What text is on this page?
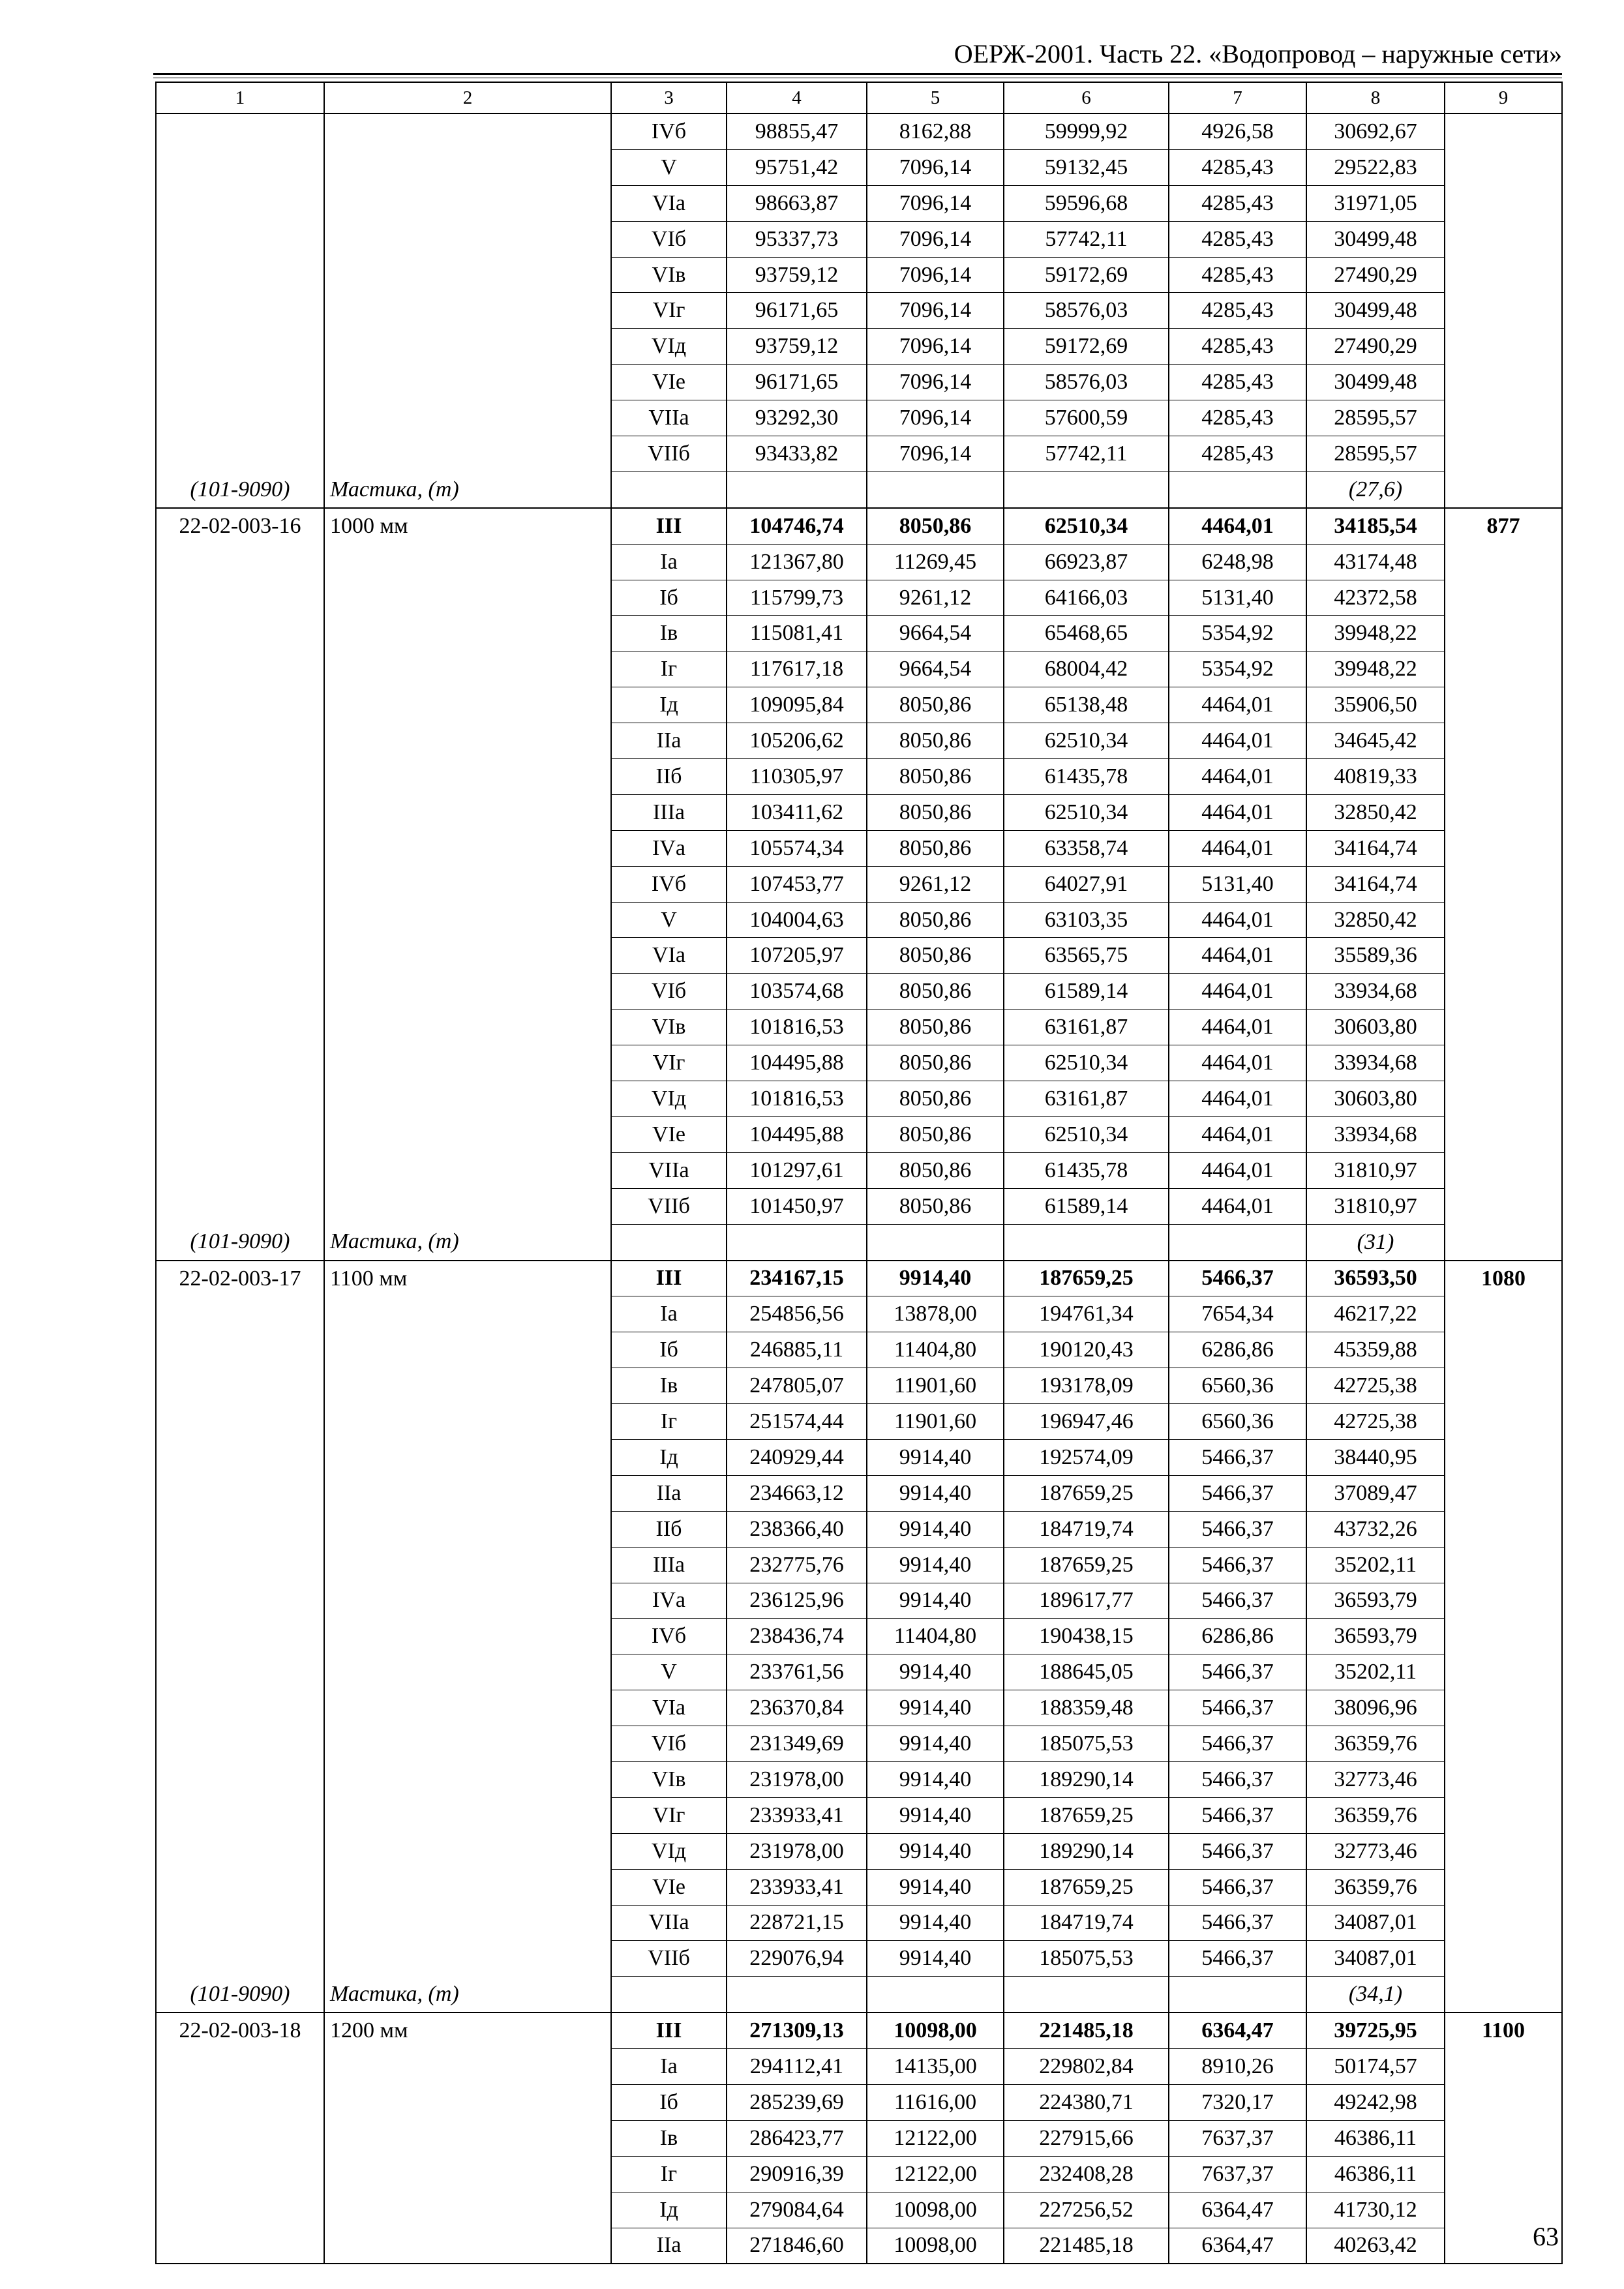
ОЕРЖ-2001. Часть 22. «Водопровод – наружные сети»
1	2	3	4	5	6	7	8	9
		IVб	98855,47	8162,88	59999,92	4926,58	30692,67	
		V	95751,42	7096,14	59132,45	4285,43	29522,83	
		VIа	98663,87	7096,14	59596,68	4285,43	31971,05	
		VIб	95337,73	7096,14	57742,11	4285,43	30499,48	
		VIв	93759,12	7096,14	59172,69	4285,43	27490,29	
		VIг	96171,65	7096,14	58576,03	4285,43	30499,48	
		VIд	93759,12	7096,14	59172,69	4285,43	27490,29	
		VIе	96171,65	7096,14	58576,03	4285,43	30499,48	
		VIIа	93292,30	7096,14	57600,59	4285,43	28595,57	
		VIIб	93433,82	7096,14	57742,11	4285,43	28595,57	
(101-9090)	Мастика, (т)						(27,6)	
22-02-003-16	1000 мм	III	104746,74	8050,86	62510,34	4464,01	34185,54	877
		Iа	121367,80	11269,45	66923,87	6248,98	43174,48	
		Iб	115799,73	9261,12	64166,03	5131,40	42372,58	
		Iв	115081,41	9664,54	65468,65	5354,92	39948,22	
		Iг	117617,18	9664,54	68004,42	5354,92	39948,22	
		Iд	109095,84	8050,86	65138,48	4464,01	35906,50	
		IIа	105206,62	8050,86	62510,34	4464,01	34645,42	
		IIб	110305,97	8050,86	61435,78	4464,01	40819,33	
		IIIа	103411,62	8050,86	62510,34	4464,01	32850,42	
		IVа	105574,34	8050,86	63358,74	4464,01	34164,74	
		IVб	107453,77	9261,12	64027,91	5131,40	34164,74	
		V	104004,63	8050,86	63103,35	4464,01	32850,42	
		VIа	107205,97	8050,86	63565,75	4464,01	35589,36	
		VIб	103574,68	8050,86	61589,14	4464,01	33934,68	
		VIв	101816,53	8050,86	63161,87	4464,01	30603,80	
		VIг	104495,88	8050,86	62510,34	4464,01	33934,68	
		VIд	101816,53	8050,86	63161,87	4464,01	30603,80	
		VIе	104495,88	8050,86	62510,34	4464,01	33934,68	
		VIIа	101297,61	8050,86	61435,78	4464,01	31810,97	
		VIIб	101450,97	8050,86	61589,14	4464,01	31810,97	
(101-9090)	Мастика, (т)						(31)	
22-02-003-17	1100 мм	III	234167,15	9914,40	187659,25	5466,37	36593,50	1080
		Iа	254856,56	13878,00	194761,34	7654,34	46217,22	
		Iб	246885,11	11404,80	190120,43	6286,86	45359,88	
		Iв	247805,07	11901,60	193178,09	6560,36	42725,38	
		Iг	251574,44	11901,60	196947,46	6560,36	42725,38	
		Iд	240929,44	9914,40	192574,09	5466,37	38440,95	
		IIа	234663,12	9914,40	187659,25	5466,37	37089,47	
		IIб	238366,40	9914,40	184719,74	5466,37	43732,26	
		IIIа	232775,76	9914,40	187659,25	5466,37	35202,11	
		IVа	236125,96	9914,40	189617,77	5466,37	36593,79	
		IVб	238436,74	11404,80	190438,15	6286,86	36593,79	
		V	233761,56	9914,40	188645,05	5466,37	35202,11	
		VIа	236370,84	9914,40	188359,48	5466,37	38096,96	
		VIб	231349,69	9914,40	185075,53	5466,37	36359,76	
		VIв	231978,00	9914,40	189290,14	5466,37	32773,46	
		VIг	233933,41	9914,40	187659,25	5466,37	36359,76	
		VIд	231978,00	9914,40	189290,14	5466,37	32773,46	
		VIе	233933,41	9914,40	187659,25	5466,37	36359,76	
		VIIа	228721,15	9914,40	184719,74	5466,37	34087,01	
		VIIб	229076,94	9914,40	185075,53	5466,37	34087,01	
(101-9090)	Мастика, (т)						(34,1)	
22-02-003-18	1200 мм	III	271309,13	10098,00	221485,18	6364,47	39725,95	1100
		Iа	294112,41	14135,00	229802,84	8910,26	50174,57	
		Iб	285239,69	11616,00	224380,71	7320,17	49242,98	
		Iв	286423,77	12122,00	227915,66	7637,37	46386,11	
		Iг	290916,39	12122,00	232408,28	7637,37	46386,11	
		Iд	279084,64	10098,00	227256,52	6364,47	41730,12	
		IIа	271846,60	10098,00	221485,18	6364,47	40263,42		63
